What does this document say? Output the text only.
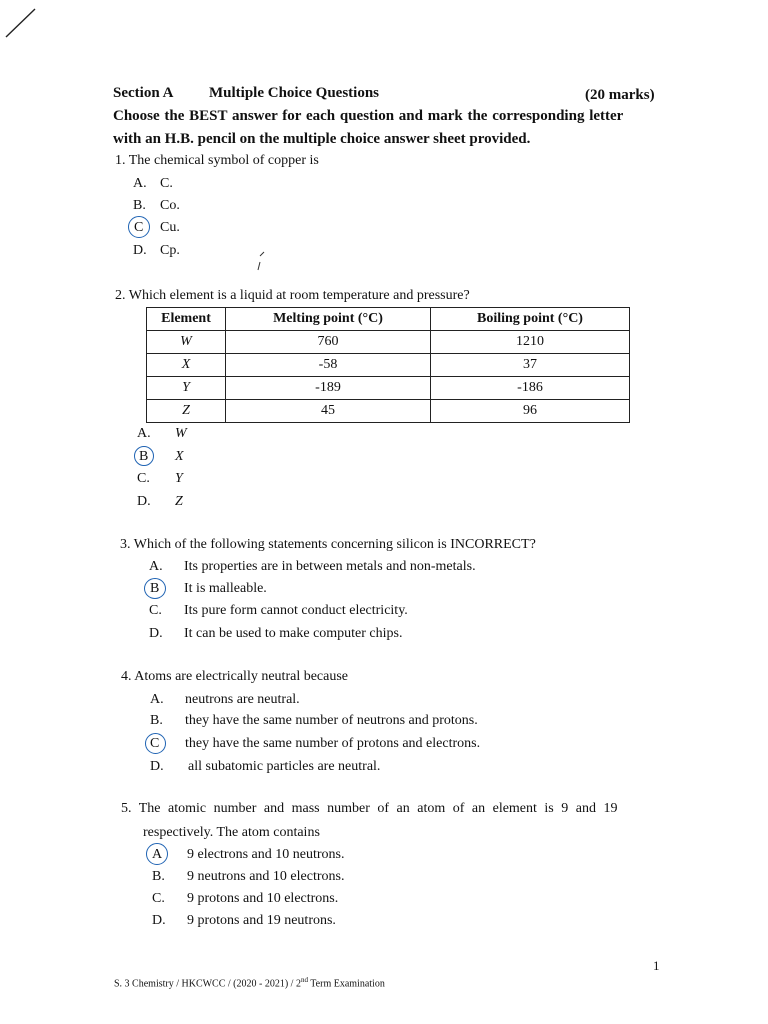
Section A Multiple Choice Questions	(20 marks)
Choose the BEST answer for each question and mark the corresponding letter
with an H.B. pencil on the multiple choice answer sheet provided.
1. The chemical symbol of copper is
A. C.
B. Co.
C Cu.
D. Cp.
2. Which element is a liquid at room temperature and pressure?
Element	Melting point (°C)	Boiling point (°C)
W	760	1210
X	-58	37
Y	-189	-186
Z	45	96
A. W
B X
C. Y
D. Z
3. Which of the following statements concerning silicon is INCORRECT?
A. Its properties are in between metals and non-metals.
B It is malleable.
C. Its pure form cannot conduct electricity.
D. It can be used to make computer chips.
4. Atoms are electrically neutral because
A. neutrons are neutral.
B. they have the same number of neutrons and protons.
C they have the same number of protons and electrons.
D. all subatomic particles are neutral.
5. The atomic number and mass number of an atom of an element is 9 and 19
respectively. The atom contains
A 9 electrons and 10 neutrons.
B. 9 neutrons and 10 electrons.
C. 9 protons and 10 electrons.
D. 9 protons and 19 neutrons.
1
S. 3 Chemistry / HKCWCC / (2020 - 2021) / 2nd Term Examination
